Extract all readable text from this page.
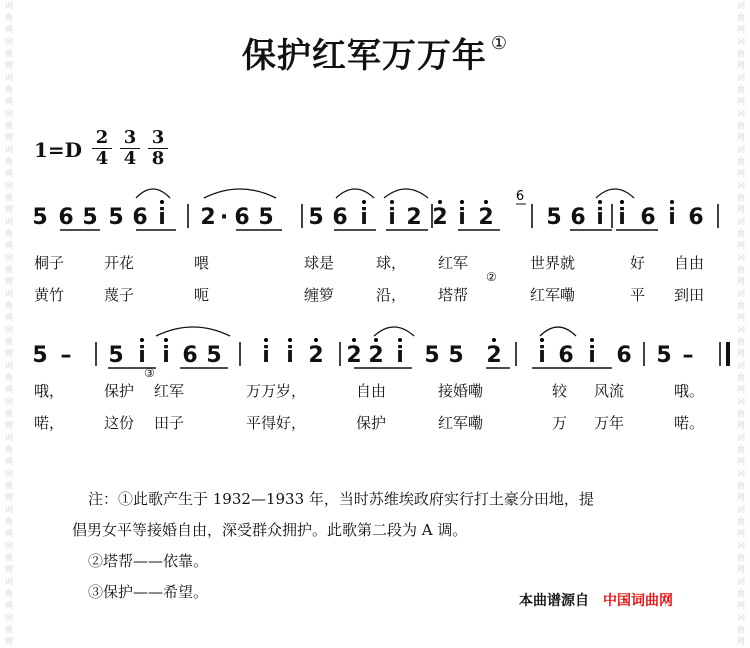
词
曲
网
词
曲
网
词
曲
网
词
曲
网
词
曲
网
词
曲
网
词
曲
网
词
曲
网
词
曲
网
词
曲
网
词
曲
网
词
曲
网
词
曲
网
词
曲
网
词
曲
网
词
曲
网
词
曲
网
词
曲
网
词
曲
网
词
曲
网
词
曲
网
词
曲
网
词
曲
网
词
曲
网
词
曲
网
词
曲
网
词
曲
网
词
曲
网
词
曲
网
词
曲
网
词
曲
网
词
曲
网
词
曲
网
词
曲
网
词
曲
网
词
曲
网
保护红军万万年 ①
1=D
2
4
3
4
3
8
5 6 5 5 6 i 2 · 6 5 5 6 i i 2 2 i 2 5 6 i i 6 i 6
6
桐子	开花	喂	球是	球， 红军	世界就	好 自由
黄竹	蔑子	呃	缠箩	沿， 塔帮	红军嘞	平 到田
②
5 – 5 i i 6 5 i i 2 2 2 i 5 5 2 i 6 i 6 5 –
哦，	保护 红军	万万岁，	自由	接婚嘞	较 风流	哦。
③
喏，	这份 田子	平得好，	保护	红军嘞	万 万年	喏。

注：①此歌产生于 1932—1933 年，当时苏维埃政府实行打土豪分田地，提

倡男女平等接婚自由，深受群众拥护。此歌第二段为 A 调。

②塔帮——依靠。

③保护——希望。	本曲谱源自 中国词曲网
